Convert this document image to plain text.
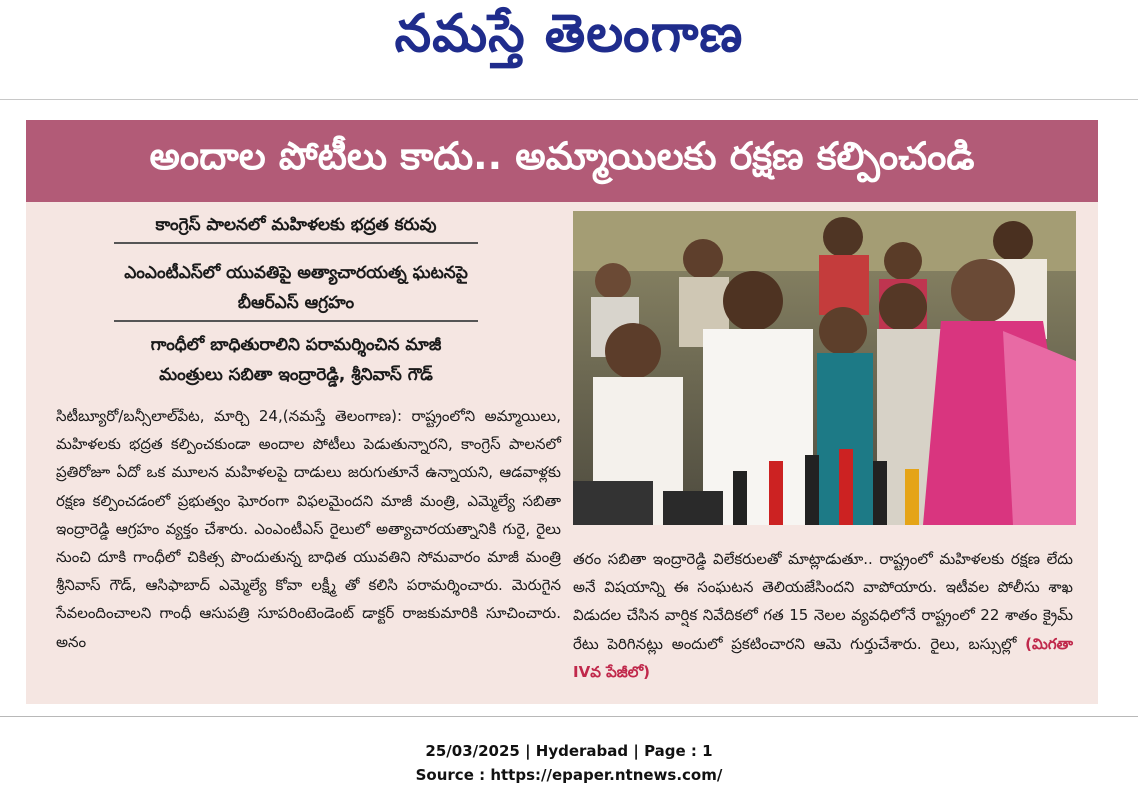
నమస్తే తెలంగాణ
అందాల పోటీలు కాదు.. అమ్మాయిలకు రక్షణ కల్పించండి
కాంగ్రెస్ పాలనలో మహిళలకు భద్రత కరువు
ఎంఎంటీఎస్‌లో యువతిపై అత్యాచారయత్న ఘటనపై బీఆర్ఎస్ ఆగ్రహం
గాంధీలో బాధితురాలిని పరామర్శించిన మాజీ మంత్రులు సబితా ఇంద్రారెడ్డి, శ్రీనివాస్ గౌడ్
సిటీబ్యూరో/బన్సీలాల్‌పేట, మార్చి 24,(నమస్తే తెలంగాణ): రాష్ట్రంలోని అమ్మాయిలు, మహిళలకు భద్రత కల్పించకుండా అందాల పోటీలు పెడుతున్నారని, కాంగ్రెస్ పాలనలో ప్రతిరోజూ ఏదో ఒక మూలన మహిళలపై దాడులు జరుగుతూనే ఉన్నాయని, ఆడవాళ్లకు రక్షణ కల్పించడంలో ప్రభుత్వం ఘోరంగా విఫలమైందని మాజీ మంత్రి, ఎమ్మెల్యే సబితా ఇంద్రారెడ్డి ఆగ్రహం వ్యక్తం చేశారు. ఎంఎంటీఎస్ రైలులో అత్యాచారయత్నానికి గురై, రైలు నుంచి దూకి గాంధీలో చికిత్స పొందుతున్న బాధిత యువతిని సోమవారం మాజీ మంత్రి శ్రీనివాస్ గౌడ్, ఆసిఫాబాద్ ఎమ్మెల్యే కోవా లక్ష్మీ తో కలిసి పరామర్శించారు. మెరుగైన సేవలందించాలని గాంధీ ఆసుపత్రి సూపరింటెండెంట్ డాక్టర్ రాజకుమారికి సూచించారు. అనం
తరం సబితా ఇంద్రారెడ్డి విలేకరులతో మాట్లాడుతూ.. రాష్ట్రంలో మహిళలకు రక్షణ లేదు అనే విషయాన్ని ఈ సంఘటన తెలియజేసిందని వాపోయారు. ఇటీవల పోలీసు శాఖ విడుదల చేసిన వార్షిక నివేదికలో గత 15 నెలల వ్యవధిలోనే రాష్ట్రంలో 22 శాతం క్రైమ్ రేటు పెరిగినట్లు అందులో ప్రకటించారని ఆమె గుర్తుచేశారు. రైలు, బస్సుల్లో (మిగతా IVవ పేజీలో)
25/03/2025 | Hyderabad | Page : 1
Source : https://epaper.ntnews.com/
